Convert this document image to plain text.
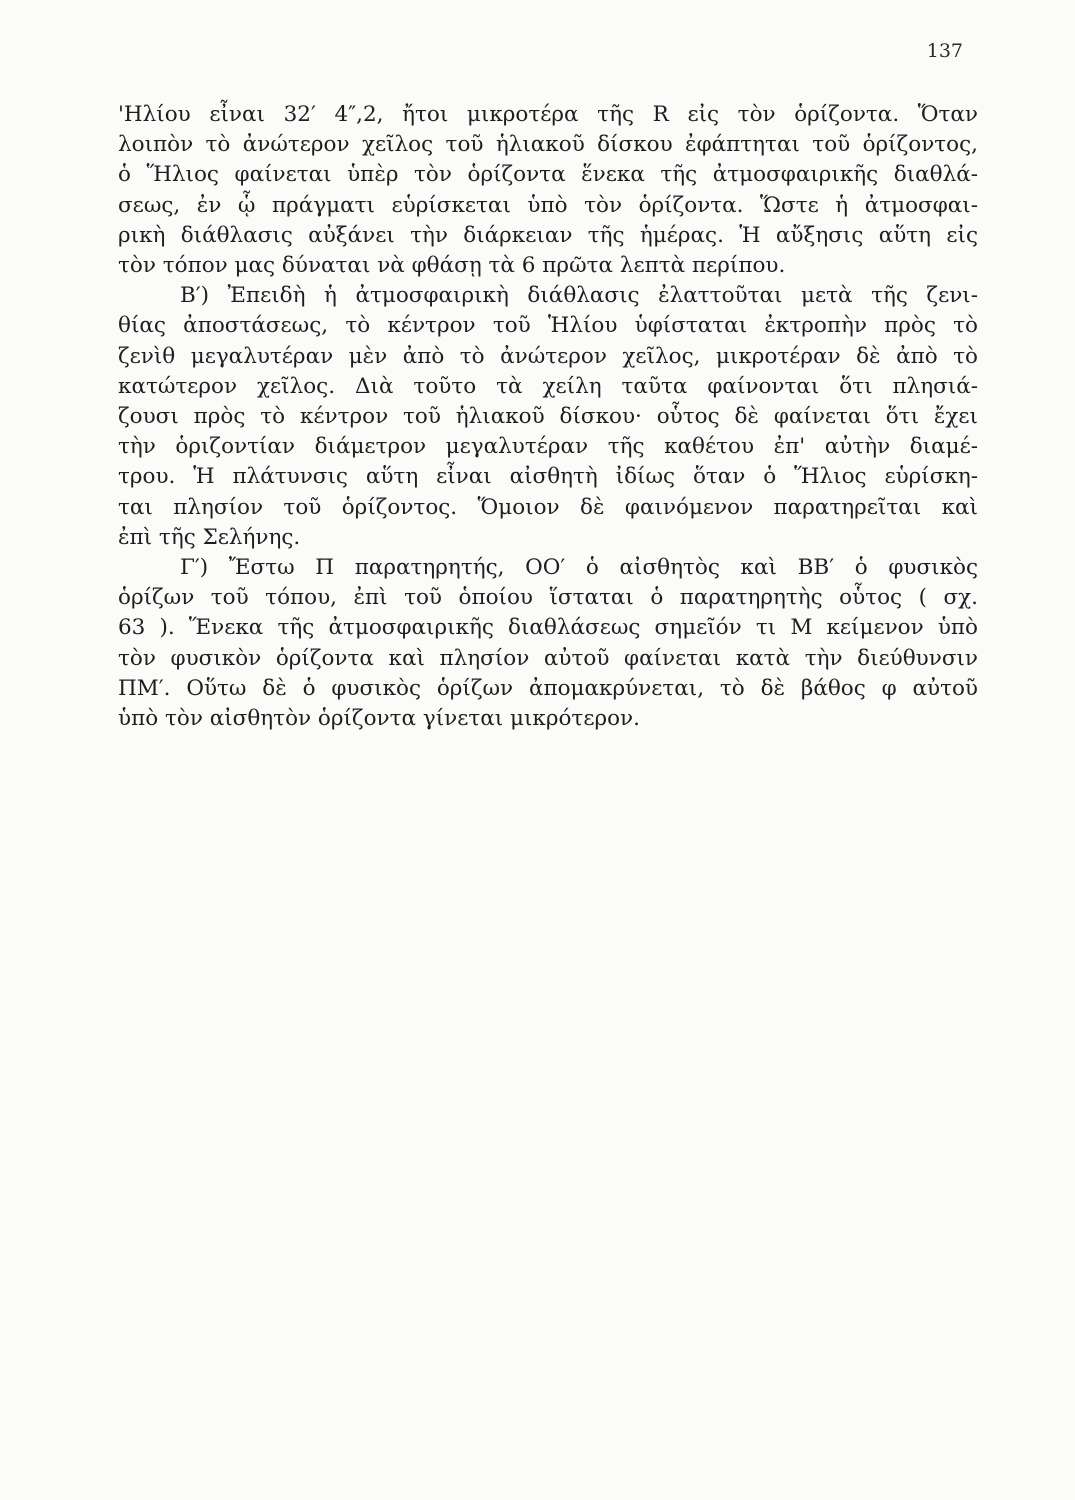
137
'Ηλίου εἶναι 32′ 4″,2, ἤτοι μικροτέρα τῆς R εἰς τὸν ὁρίζοντα. Ὅταν
λοιπὸν τὸ ἀνώτερον χεῖλος τοῦ ἡλιακοῦ δίσκου ἐφάπτηται τοῦ ὁρίζοντος,
ὁ Ἥλιος φαίνεται ὑπὲρ τὸν ὁρίζοντα ἕνεκα τῆς ἀτμοσφαιρικῆς διαθλά-
σεως, ἐν ᾧ πράγματι εὑρίσκεται ὑπὸ τὸν ὁρίζοντα. Ὥστε ἡ ἀτμοσφαι-
ρικὴ διάθλασις αὐξάνει τὴν διάρκειαν τῆς ἡμέρας. Ἡ αὔξησις αὕτη εἰς
τὸν τόπον μας δύναται νὰ φθάσῃ τὰ 6 πρῶτα λεπτὰ περίπου.
Β′) Ἐπειδὴ ἡ ἀτμοσφαιρικὴ διάθλασις ἐλαττοῦται μετὰ τῆς ζενι-
θίας ἀποστάσεως, τὸ κέντρον τοῦ Ἡλίου ὑφίσταται ἐκτροπὴν πρὸς τὸ
ζενὶθ μεγαλυτέραν μὲν ἀπὸ τὸ ἀνώτερον χεῖλος, μικροτέραν δὲ ἀπὸ τὸ
κατώτερον χεῖλος. Διὰ τοῦτο τὰ χείλη ταῦτα φαίνονται ὅτι πλησιά-
ζουσι πρὸς τὸ κέντρον τοῦ ἡλιακοῦ δίσκου· οὗτος δὲ φαίνεται ὅτι ἔχει
τὴν ὁριζοντίαν διάμετρον μεγαλυτέραν τῆς καθέτου ἐπ' αὐτὴν διαμέ-
τρου. Ἡ πλάτυνσις αὕτη εἶναι αἰσθητὴ ἰδίως ὅταν ὁ Ἥλιος εὑρίσκη-
ται πλησίον τοῦ ὁρίζοντος. Ὅμοιον δὲ φαινόμενον παρατηρεῖται καὶ
ἐπὶ τῆς Σελήνης.
Γ′) Ἔστω Π παρατηρητής, ΟΟ′ ὁ αἰσθητὸς καὶ ΒΒ′ ὁ φυσικὸς
ὁρίζων τοῦ τόπου, ἐπὶ τοῦ ὁποίου ἵσταται ὁ παρατηρητὴς οὗτος ( σχ.
63 ). Ἕνεκα τῆς ἀτμοσφαιρικῆς διαθλάσεως σημεῖόν τι Μ κείμενον ὑπὸ
τὸν φυσικὸν ὁρίζοντα καὶ πλησίον αὐτοῦ φαίνεται κατὰ τὴν διεύθυνσιν
ΠΜ′. Οὕτω δὲ ὁ φυσικὸς ὁρίζων ἀπομακρύνεται, τὸ δὲ βάθος φ αὐτοῦ
ὑπὸ τὸν αἰσθητὸν ὁρίζοντα γίνεται μικρότερον.
